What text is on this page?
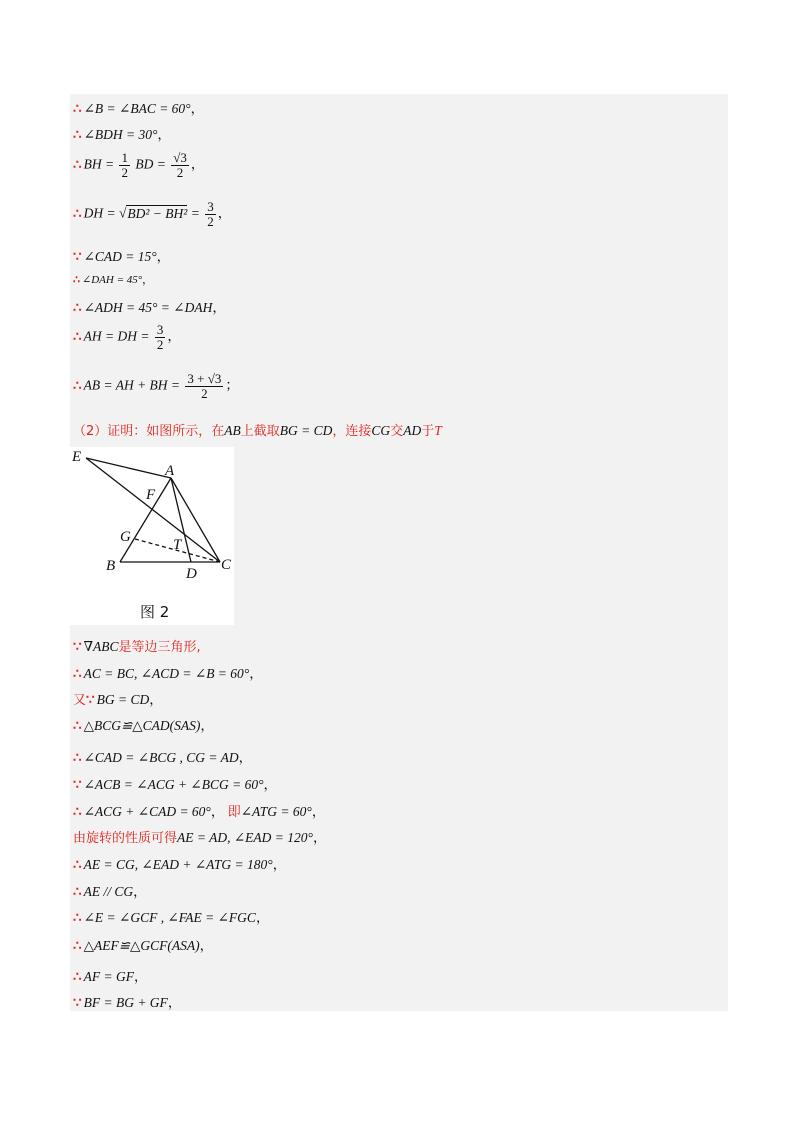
∴ ∠B = ∠BAC = 60°，
∴ ∠BDH = 30°，
∴ BH = $\frac{1}{2}$ BD = $\frac{√3}{2}$ ，
∴ DH = $√BD^2 - BH^2 = \frac{3}{2}$ ，
∵ ∠CAD = 15°，
∴ ∠DAH = 45°，
∴ ∠ADH = 45° = ∠DAH，
∴ AH = DH = $\frac{3}{2}$ ，
∴ AB = AH + BH = $\frac{3 + √3}{2}$ ；
（2）证明：如图所示，在AB上截取BG = CD，连接CG交AD于T
E
A
F
G	T
B	D
C
图 2
∵ ∇ABC是等边三角形,
∴ AC = BC, ∠ACD = ∠B = 60°，
又∵ BG = CD，
∴ △BCG≌△CAD(SAS)，
∴ ∠CAD = ∠BCG , CG = AD，
∵ ∠ACB = ∠ACG + ∠BCG = 60°，
∴ ∠ACG + ∠CAD = 60°， 即∠ATG = 60°，
由旋转的性质可得AE = AD, ∠EAD = 120°，
∴ AE = CG, ∠EAD + ∠ATG = 180°，
∴ AE // CG，
∴ ∠E = ∠GCF , ∠FAE = ∠FGC，
∴ △AEF≌△GCF(ASA)，
∴ AF = GF，
∵ BF = BG + GF，
